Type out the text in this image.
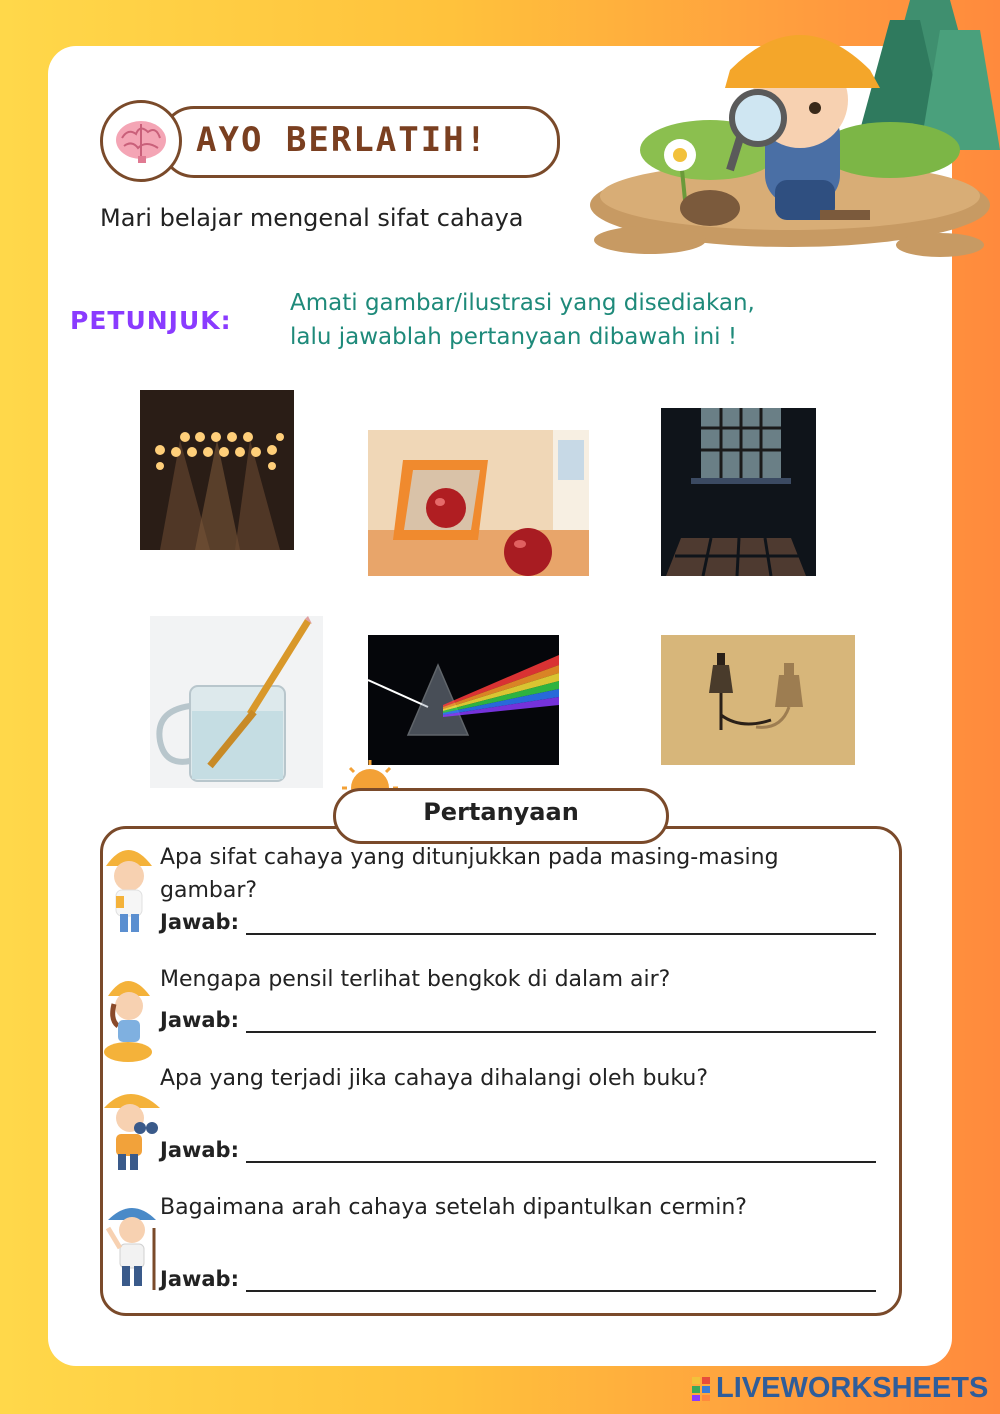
AYO BERLATIH!
Mari belajar mengenal sifat cahaya
PETUNJUK:
Amati gambar/ilustrasi yang disediakan,
lalu jawablah pertanyaan dibawah ini !
Pertanyaan
Apa sifat cahaya yang ditunjukkan pada masing-masing
gambar?
Jawab:
Mengapa pensil terlihat bengkok di dalam air?
Jawab:
Apa yang terjadi jika cahaya dihalangi oleh buku?
Jawab:
Bagaimana arah cahaya setelah dipantulkan cermin?
Jawab:
LIVEWORKSHEETS
